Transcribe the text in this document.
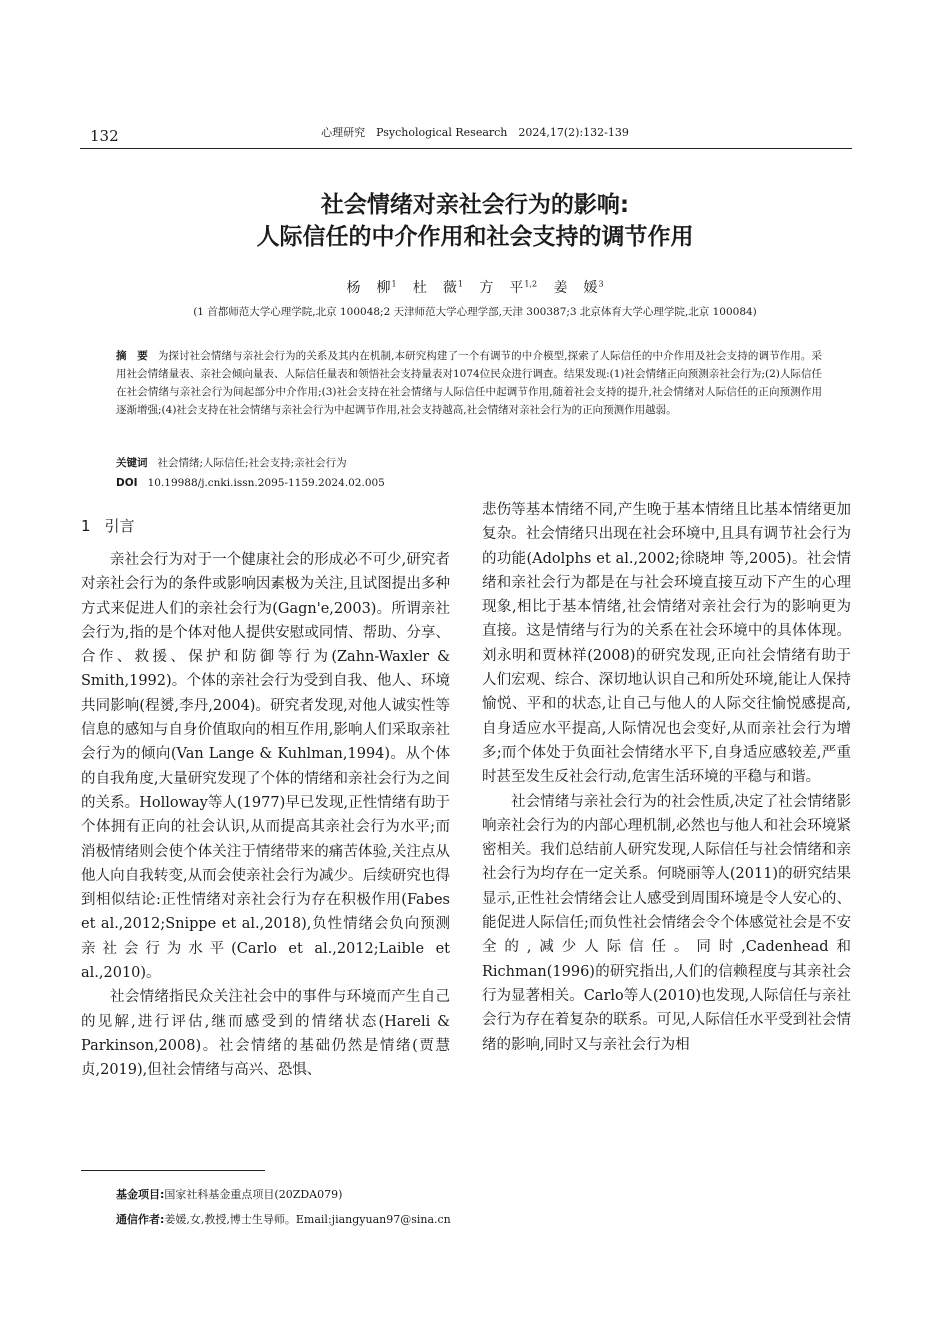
132	心理研究　Psychological Research　2024,17(2):132-139
社会情绪对亲社会行为的影响:
人际信任的中介作用和社会支持的调节作用
杨　柳$^1$ 杜　薇$^1$ 方　平$^{1,2}$ 姜　媛$^3$
(1 首都师范大学心理学院,北京 100048;2 天津师范大学心理学部,天津 300387;3 北京体育大学心理学院,北京 100084)
摘　要 为探讨社会情绪与亲社会行为的关系及其内在机制,本研究构建了一个有调节的中介模型,探索了人际信任的中介作用及社会支持的调节作用。采用社会情绪量表、亲社会倾向量表、人际信任量表和领悟社会支持量表对1074位民众进行调查。结果发现:(1)社会情绪正向预测亲社会行为;(2)人际信任在社会情绪与亲社会行为间起部分中介作用;(3)社会支持在社会情绪与人际信任中起调节作用,随着社会支持的提升,社会情绪对人际信任的正向预测作用逐渐增强;(4)社会支持在社会情绪与亲社会行为中起调节作用,社会支持越高,社会情绪对亲社会行为的正向预测作用越弱。
关键词 社会情绪;人际信任;社会支持;亲社会行为
DOI 10.19988/j.cnki.issn.2095-1159.2024.02.005
1 引言

亲社会行为对于一个健康社会的形成必不可少,研究者对亲社会行为的条件或影响因素极为关注,且试图提出多种方式来促进人们的亲社会行为(Gagn'e,2003)。所谓亲社会行为,指的是个体对他人提供安慰或同情、帮助、分享、合作、救援、保护和防御等行为(Zahn-Waxler & Smith,1992)。个体的亲社会行为受到自我、他人、环境共同影响(程赟,李丹,2004)。研究者发现,对他人诚实性等信息的感知与自身价值取向的相互作用,影响人们采取亲社会行为的倾向(Van Lange & Kuhlman,1994)。从个体的自我角度,大量研究发现了个体的情绪和亲社会行为之间的关系。Holloway等人(1977)早已发现,正性情绪有助于个体拥有正向的社会认识,从而提高其亲社会行为水平;而消极情绪则会使个体关注于情绪带来的痛苦体验,关注点从他人向自我转变,从而会使亲社会行为减少。后续研究也得到相似结论:正性情绪对亲社会行为存在积极作用(Fabes et al.,2012;Snippe et al.,2018),负性情绪会负向预测亲社会行为水平(Carlo et al.,2012;Laible et al.,2010)。

社会情绪指民众关注社会中的事件与环境而产生自己的见解,进行评估,继而感受到的情绪状态(Hareli & Parkinson,2008)。社会情绪的基础仍然是情绪(贾慧贞,2019),但社会情绪与高兴、恐惧、

悲伤等基本情绪不同,产生晚于基本情绪且比基本情绪更加复杂。社会情绪只出现在社会环境中,且具有调节社会行为的功能(Adolphs et al.,2002;徐晓坤 等,2005)。社会情绪和亲社会行为都是在与社会环境直接互动下产生的心理现象,相比于基本情绪,社会情绪对亲社会行为的影响更为直接。这是情绪与行为的关系在社会环境中的具体体现。刘永明和贾林祥(2008)的研究发现,正向社会情绪有助于人们宏观、综合、深切地认识自己和所处环境,能让人保持愉悦、平和的状态,让自己与他人的人际交往愉悦感提高,自身适应水平提高,人际情况也会变好,从而亲社会行为增多;而个体处于负面社会情绪水平下,自身适应感较差,严重时甚至发生反社会行动,危害生活环境的平稳与和谐。

社会情绪与亲社会行为的社会性质,决定了社会情绪影响亲社会行为的内部心理机制,必然也与他人和社会环境紧密相关。我们总结前人研究发现,人际信任与社会情绪和亲社会行为均存在一定关系。何晓丽等人(2011)的研究结果显示,正性社会情绪会让人感受到周围环境是令人安心的、能促进人际信任;而负性社会情绪会令个体感觉社会是不安全的,减少人际信任。同时,Cadenhead和Richman(1996)的研究指出,人们的信赖程度与其亲社会行为显著相关。Carlo等人(2010)也发现,人际信任与亲社会行为存在着复杂的联系。可见,人际信任水平受到社会情绪的影响,同时又与亲社会行为相

基金项目:国家社科基金重点项目(20ZDA079)
通信作者:姜媛,女,教授,博士生导师。Email:jiangyuan97@sina.cn
